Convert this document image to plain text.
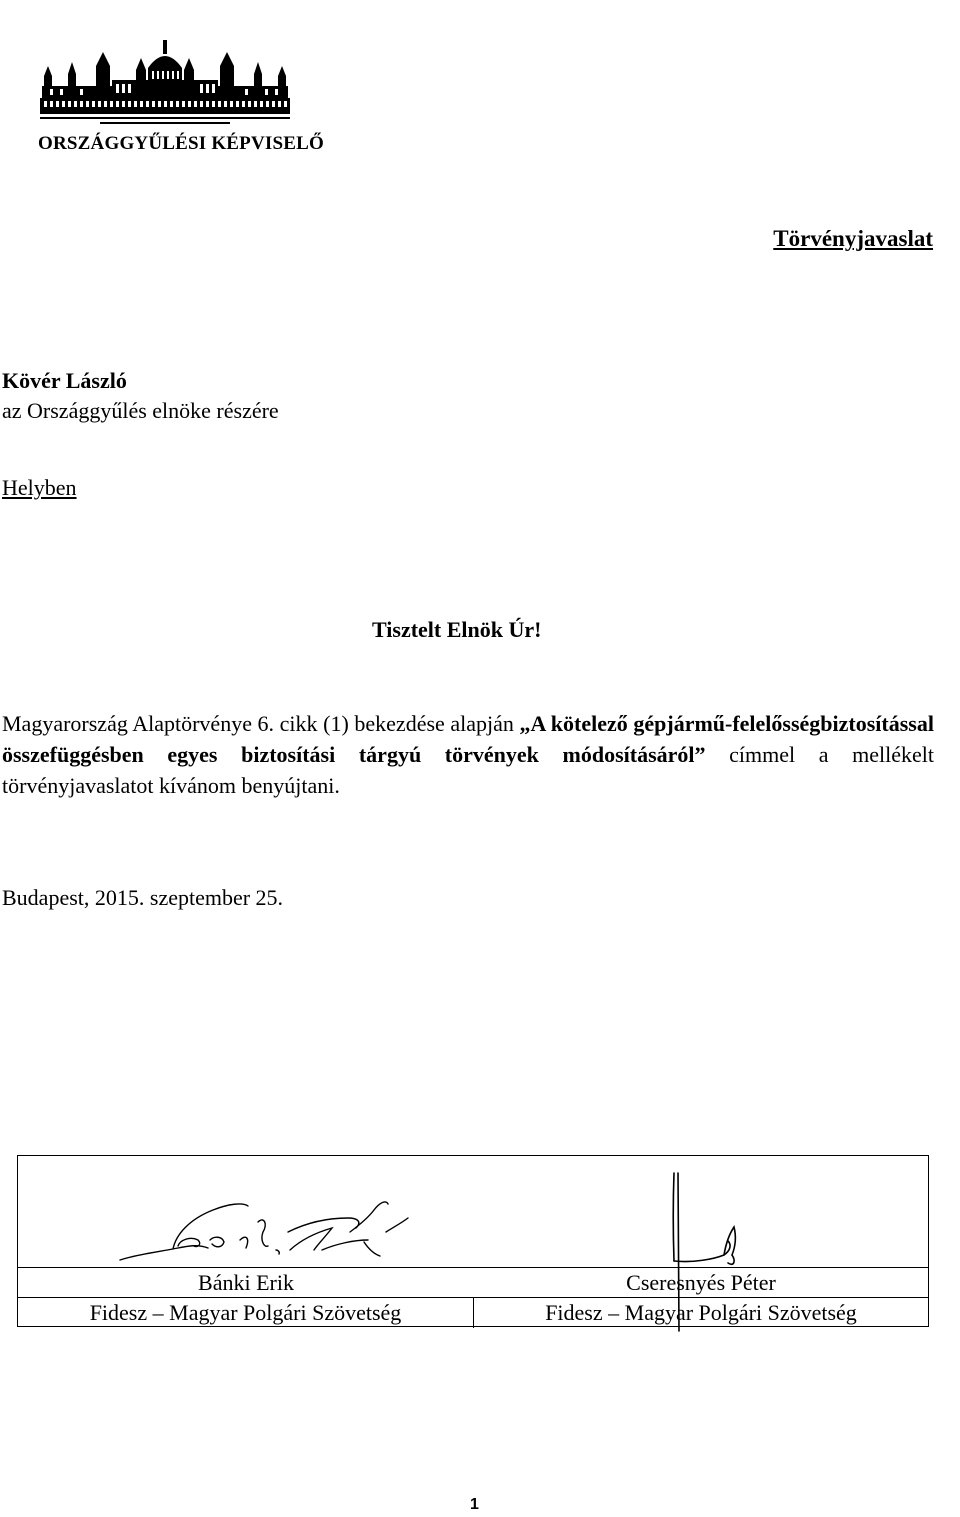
ORSZÁGGYŰLÉSI KÉPVISELŐ
Törvényjavaslat
Kövér László
az Országgyűlés elnöke részére
Helyben
Tisztelt Elnök Úr!
Magyarország Alaptörvénye 6. cikk (1) bekezdése alapján „A kötelező gépjármű-felelősségbiztosítással összefüggésben egyes biztosítási tárgyú törvények módosításáról” címmel a mellékelt törvényjavaslatot kívánom benyújtani.
Budapest, 2015. szeptember 25.
Bánki Erik
Fidesz – Magyar Polgári Szövetség
Cseresnyés Péter
Fidesz – Magyar Polgári Szövetség
1
